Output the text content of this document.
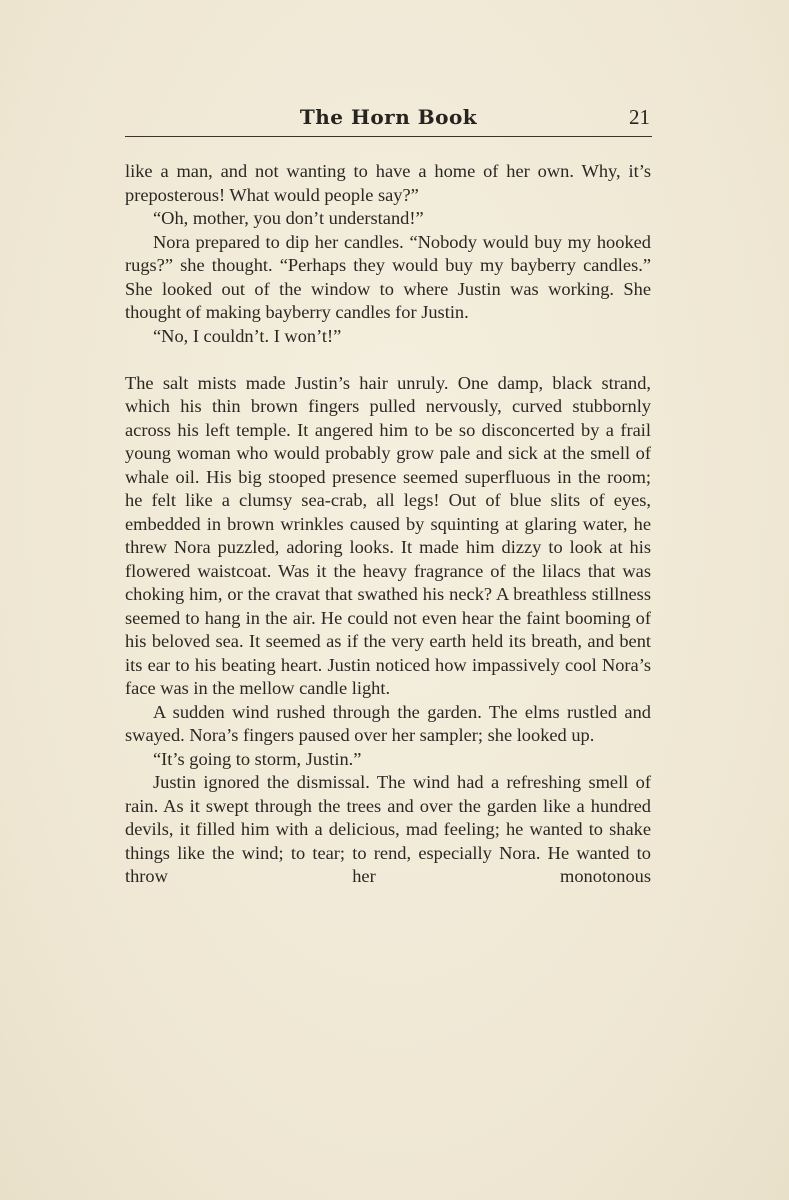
The Horn Book	21

like a man, and not wanting to have a home of her own. Why, it’s preposterous! What would people say?”

“Oh, mother, you don’t understand!”

Nora prepared to dip her candles. “Nobody would buy my hooked rugs?” she thought. “Perhaps they would buy my bayberry candles.” She looked out of the window to where Justin was working. She thought of making bayberry candles for Justin.

“No, I couldn’t. I won’t!”

The salt mists made Justin’s hair unruly. One damp, black strand, which his thin brown fingers pulled nervously, curved stubbornly across his left temple. It angered him to be so disconcerted by a frail young woman who would probably grow pale and sick at the smell of whale oil. His big stooped presence seemed superfluous in the room; he felt like a clumsy sea-crab, all legs! Out of blue slits of eyes, embedded in brown wrinkles caused by squinting at glaring water, he threw Nora puzzled, adoring looks. It made him dizzy to look at his flowered waistcoat. Was it the heavy fragrance of the lilacs that was choking him, or the cravat that swathed his neck? A breathless stillness seemed to hang in the air. He could not even hear the faint booming of his beloved sea. It seemed as if the very earth held its breath, and bent its ear to his beating heart. Justin noticed how impassively cool Nora’s face was in the mellow candle light.

A sudden wind rushed through the garden. The elms rustled and swayed. Nora’s fingers paused over her sampler; she looked up.

“It’s going to storm, Justin.”

Justin ignored the dismissal. The wind had a refreshing smell of rain. As it swept through the trees and over the garden like a hundred devils, it filled him with a delicious, mad feeling; he wanted to shake things like the wind; to tear; to rend, especially Nora. He wanted to throw her monotonous
